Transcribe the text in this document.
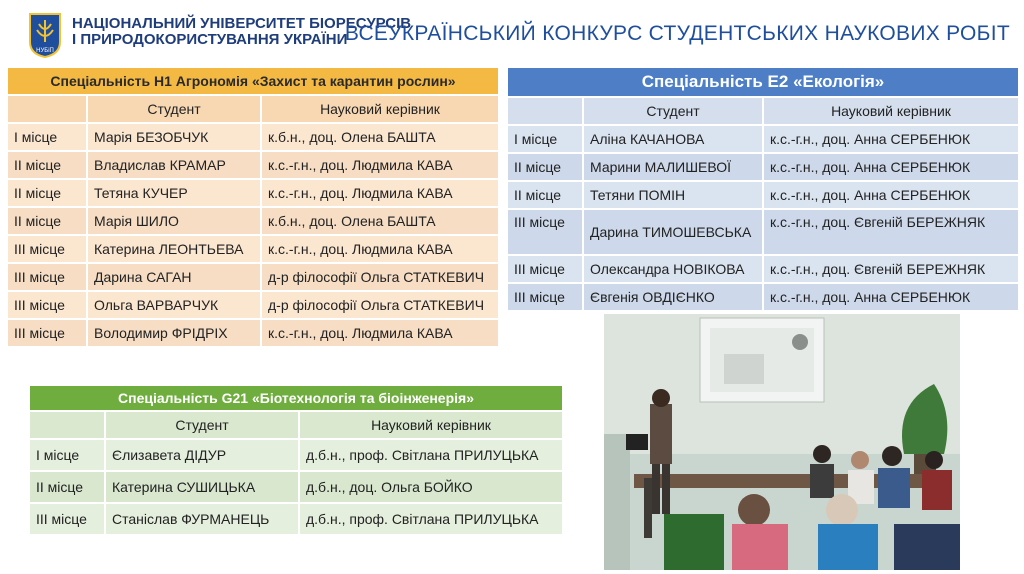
НУБіП
НАЦІОНАЛЬНИЙ УНІВЕРСИТЕТ БІОРЕСУРСІВ
І ПРИРОДОКОРИСТУВАННЯ УКРАЇНИ
ВСЕУКРАЇНСЬКИЙ КОНКУРС СТУДЕНТСЬКИХ НАУКОВИХ РОБІТ
Спеціальність Н1 Агрономія «Захист та карантин рослин»		
	Студент	Науковий керівник
І місце	Марія БЕЗОБЧУК	к.б.н., доц. Олена БАШТА
ІІ місце	Владислав КРАМАР	к.с.-г.н., доц. Людмила КАВА
ІІ місце	Тетяна КУЧЕР	к.с.-г.н., доц. Людмила КАВА
ІІ місце	Марія ШИЛО	к.б.н., доц. Олена БАШТА
ІІІ місце	Катерина ЛЕОНТЬЕВА	к.с.-г.н., доц. Людмила КАВА
ІІІ місце	Дарина САГАН	д-р філософії Ольга СТАТКЕВИЧ
ІІІ місце	Ольга ВАРВАРЧУК	д-р філософії Ольга СТАТКЕВИЧ
ІІІ місце	Володимир ФРІДРІХ	к.с.-г.н., доц. Людмила КАВА
Спеціальність Е2 «Екологія»		
	Студент	Науковий керівник
І місце	Аліна КАЧАНОВА	к.с.-г.н., доц. Анна СЕРБЕНЮК
ІІ місце	Марини МАЛИШЕВОЇ	к.с.-г.н., доц. Анна СЕРБЕНЮК
ІІ місце	Тетяни ПОМІН	к.с.-г.н., доц. Анна СЕРБЕНЮК
ІІІ місце	Дарина ТИМОШЕВСЬКА	к.с.-г.н., доц. Євгеній БЕРЕЖНЯК
ІІІ місце	Олександра НОВІКОВА	к.с.-г.н., доц. Євгеній БЕРЕЖНЯК
ІІІ місце	Євгенія ОВДІЄНКО	к.с.-г.н., доц. Анна СЕРБЕНЮК
Спеціальність G21 «Біотехнологія та біоінженерія»		
	Студент	Науковий керівник
І місце	Єлизавета ДІДУР	д.б.н., проф. Світлана ПРИЛУЦЬКА
ІІ місце	Катерина СУШИЦЬКА	д.б.н., доц. Ольга БОЙКО
ІІІ місце	Станіслав ФУРМАНЕЦЬ	д.б.н., проф. Світлана ПРИЛУЦЬКА
